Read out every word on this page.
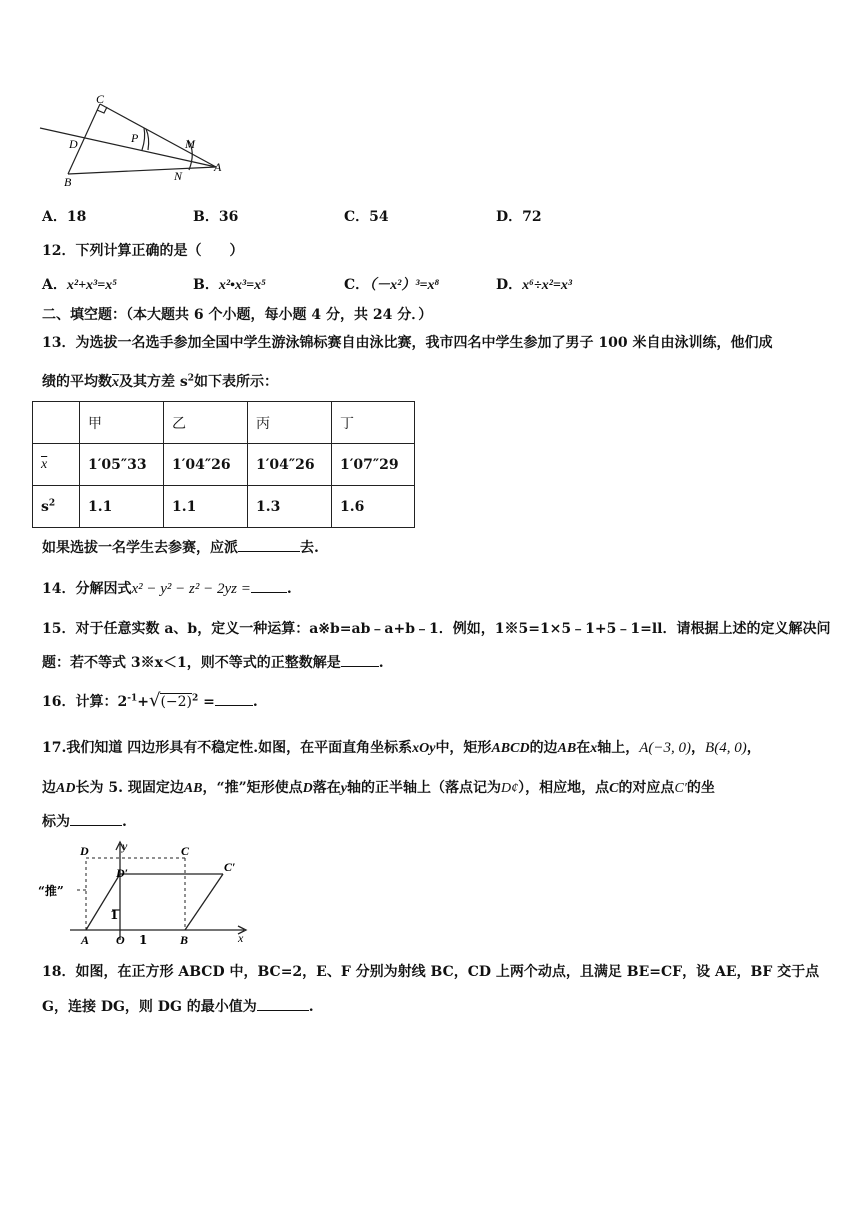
C
D	P	M
A
B	N
A．18	B．36	C．54	D．72
12．下列计算正确的是（　　）
A．x²+x³=x⁵	B．x²•x³=x⁵	C．（－x²）³=x⁸	D．x⁶÷x²=x³
二、填空题：（本大题共 6 个小题，每小题 4 分，共 24 分．）
13．为选拔一名选手参加全国中学生游泳锦标赛自由泳比赛，我市四名中学生参加了男子 100 米自由泳训练，他们成
绩的平均数$\overline{x}$及其方差 $s^2$如下表所示：
	甲	乙	丙	丁
$\overline{x}$	1′05″33	1′04″26	1′04″26	1′07″29
$s^2$	1.1	1.1	1.3	1.6
如果选拔一名学生去参赛，应派	去.
14．分解因式x² − y² − z² − 2yz =	.
15．对于任意实数 a、b，定义一种运算：a※b=ab﹣a+b﹣1．例如，1※5=1×5﹣1+5﹣1=ll．请根据上述的定义解决问
题：若不等式 3※x＜1，则不等式的正整数解是	.
16．计算：$2^{-1}+√(-2)^2$ =	.
17.我们知道 四边形具有不稳定性.如图，在平面直角坐标系xOy中，矩形ABCD的边AB在x轴上，A(−3, 0)，B(4, 0)，
边AD长为 5. 现固定边AB，“推”矩形使点D落在y轴的正半轴上（落点记为D¢），相应地，点C的对应点C′的坐
标为	.
D	C
D′	C′
y
x
1
A O 1	B
“推”
18．如图，在正方形 ABCD 中，BC=2，E、F 分别为射线 BC，CD 上两个动点，且满足 BE=CF，设 AE，BF 交于点
G，连接 DG，则 DG 的最小值为	.
